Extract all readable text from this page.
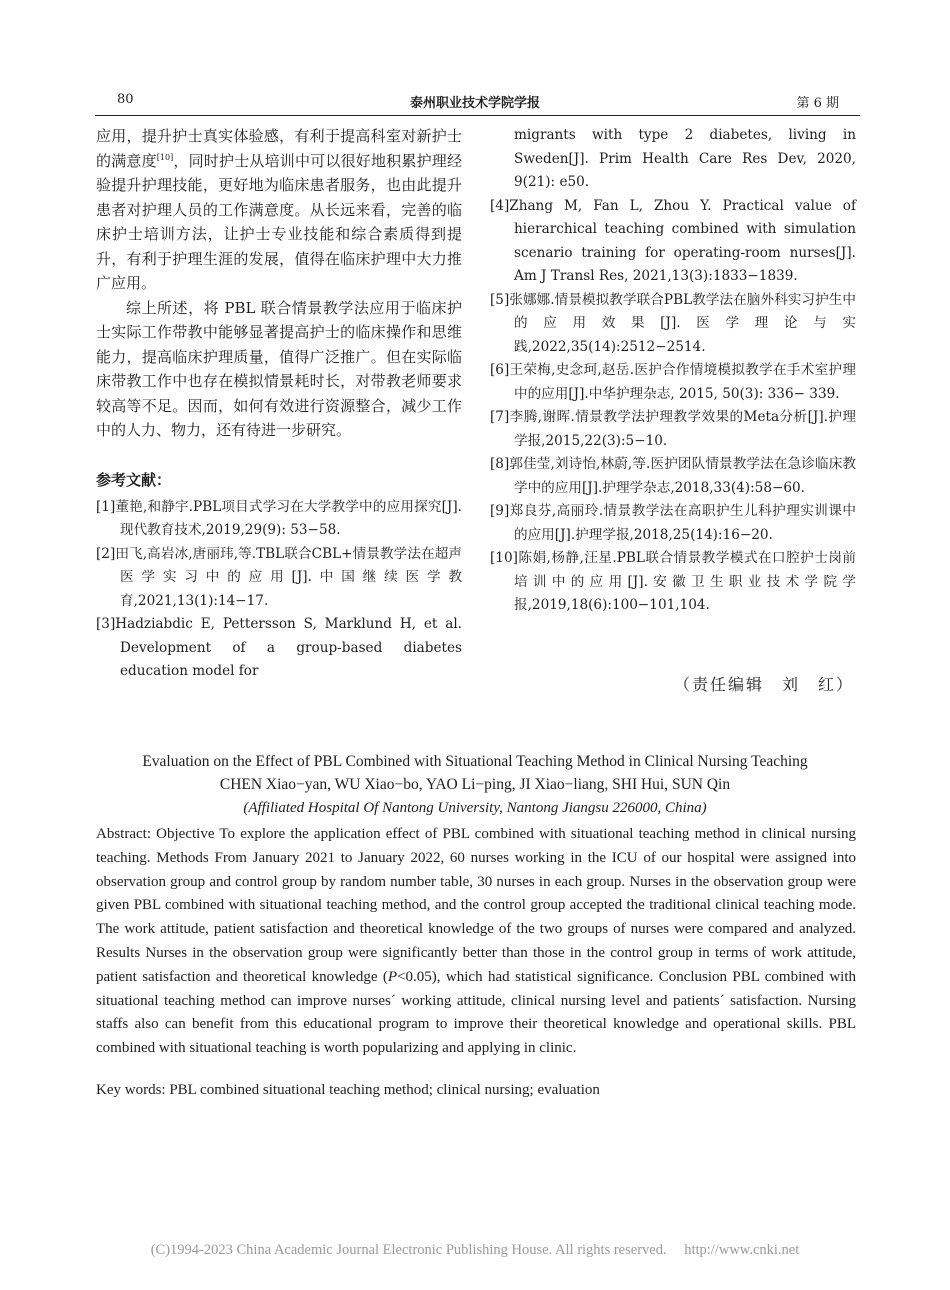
80	泰州职业技术学院学报	第 6 期

应用，提升护士真实体验感，有利于提高科室对新护士的满意度[10]，同时护士从培训中可以很好地积累护理经验提升护理技能，更好地为临床患者服务，也由此提升患者对护理人员的工作满意度。从长远来看，完善的临床护士培训方法，让护士专业技能和综合素质得到提升，有利于护理生涯的发展，值得在临床护理中大力推广应用。

综上所述，将 PBL 联合情景教学法应用于临床护士实际工作带教中能够显著提高护士的临床操作和思维能力，提高临床护理质量，值得广泛推广。但在实际临床带教工作中也存在模拟情景耗时长，对带教老师要求较高等不足。因而，如何有效进行资源整合，减少工作中的人力、物力，还有待进一步研究。

参考文献：

[1]董艳,和静宇.PBL项目式学习在大学教学中的应用探究[J].现代教育技术,2019,29(9): 53−58.

[2]田飞,高岩冰,唐丽玮,等.TBL联合CBL+情景教学法在超声医学实习中的应用[J].中国继续医学教育,2021,13(1):14−17.

[3]Hadziabdic E, Pettersson S, Marklund H, et al. Development of a group-based diabetes education model for

migrants with type 2 diabetes, living in Sweden[J]. Prim Health Care Res Dev, 2020, 9(21): e50.

[4]Zhang M, Fan L, Zhou Y. Practical value of hierarchical teaching combined with simulation scenario training for operating-room nurses[J]. Am J Transl Res, 2021,13(3):1833−1839.

[5]张娜娜.情景模拟教学联合PBL教学法在脑外科实习护生中的应用效果[J].医学理论与实践,2022,35(14):2512−2514.

[6]王荣梅,史念珂,赵岳.医护合作情境模拟教学在手术室护理中的应用[J].中华护理杂志, 2015, 50(3): 336− 339.

[7]李腾,谢晖.情景教学法护理教学效果的Meta分析[J].护理学报,2015,22(3):5−10.

[8]郭佳莹,刘诗怡,林蔚,等.医护团队情景教学法在急诊临床教学中的应用[J].护理学杂志,2018,33(4):58−60.

[9]郑良芬,高丽玲.情景教学法在高职护生儿科护理实训课中的应用[J].护理学报,2018,25(14):16−20.

[10]陈娟,杨静,汪星.PBL联合情景教学模式在口腔护士岗前培训中的应用[J].安徽卫生职业技术学院学报,2019,18(6):100−101,104.

（责任编辑　刘　红）
Evaluation on the Effect of PBL Combined with Situational Teaching Method in Clinical Nursing Teaching
CHEN Xiao−yan, WU Xiao−bo, YAO Li−ping, JI Xiao−liang, SHI Hui, SUN Qin
(Affiliated Hospital Of Nantong University, Nantong Jiangsu 226000, China)

Abstract: Objective To explore the application effect of PBL combined with situational teaching method in clinical nursing teaching. Methods From January 2021 to January 2022, 60 nurses working in the ICU of our hospital were assigned into observation group and control group by random number table, 30 nurses in each group. Nurses in the observation group were given PBL combined with situational teaching method, and the control group accepted the traditional clinical teaching mode. The work attitude, patient satisfaction and theoretical knowledge of the two groups of nurses were compared and analyzed. Results Nurses in the observation group were significantly better than those in the control group in terms of work attitude, patient satisfaction and theoretical knowledge (P<0.05), which had statistical significance. Conclusion PBL combined with situational teaching method can improve nurses´ working attitude, clinical nursing level and patients´ satisfaction. Nursing staffs also can benefit from this educational program to improve their theoretical knowledge and operational skills. PBL combined with situational teaching is worth popularizing and applying in clinic.

Key words: PBL combined situational teaching method; clinical nursing; evaluation

(C)1994-2023 China Academic Journal Electronic Publishing House. All rights reserved. http://www.cnki.net
